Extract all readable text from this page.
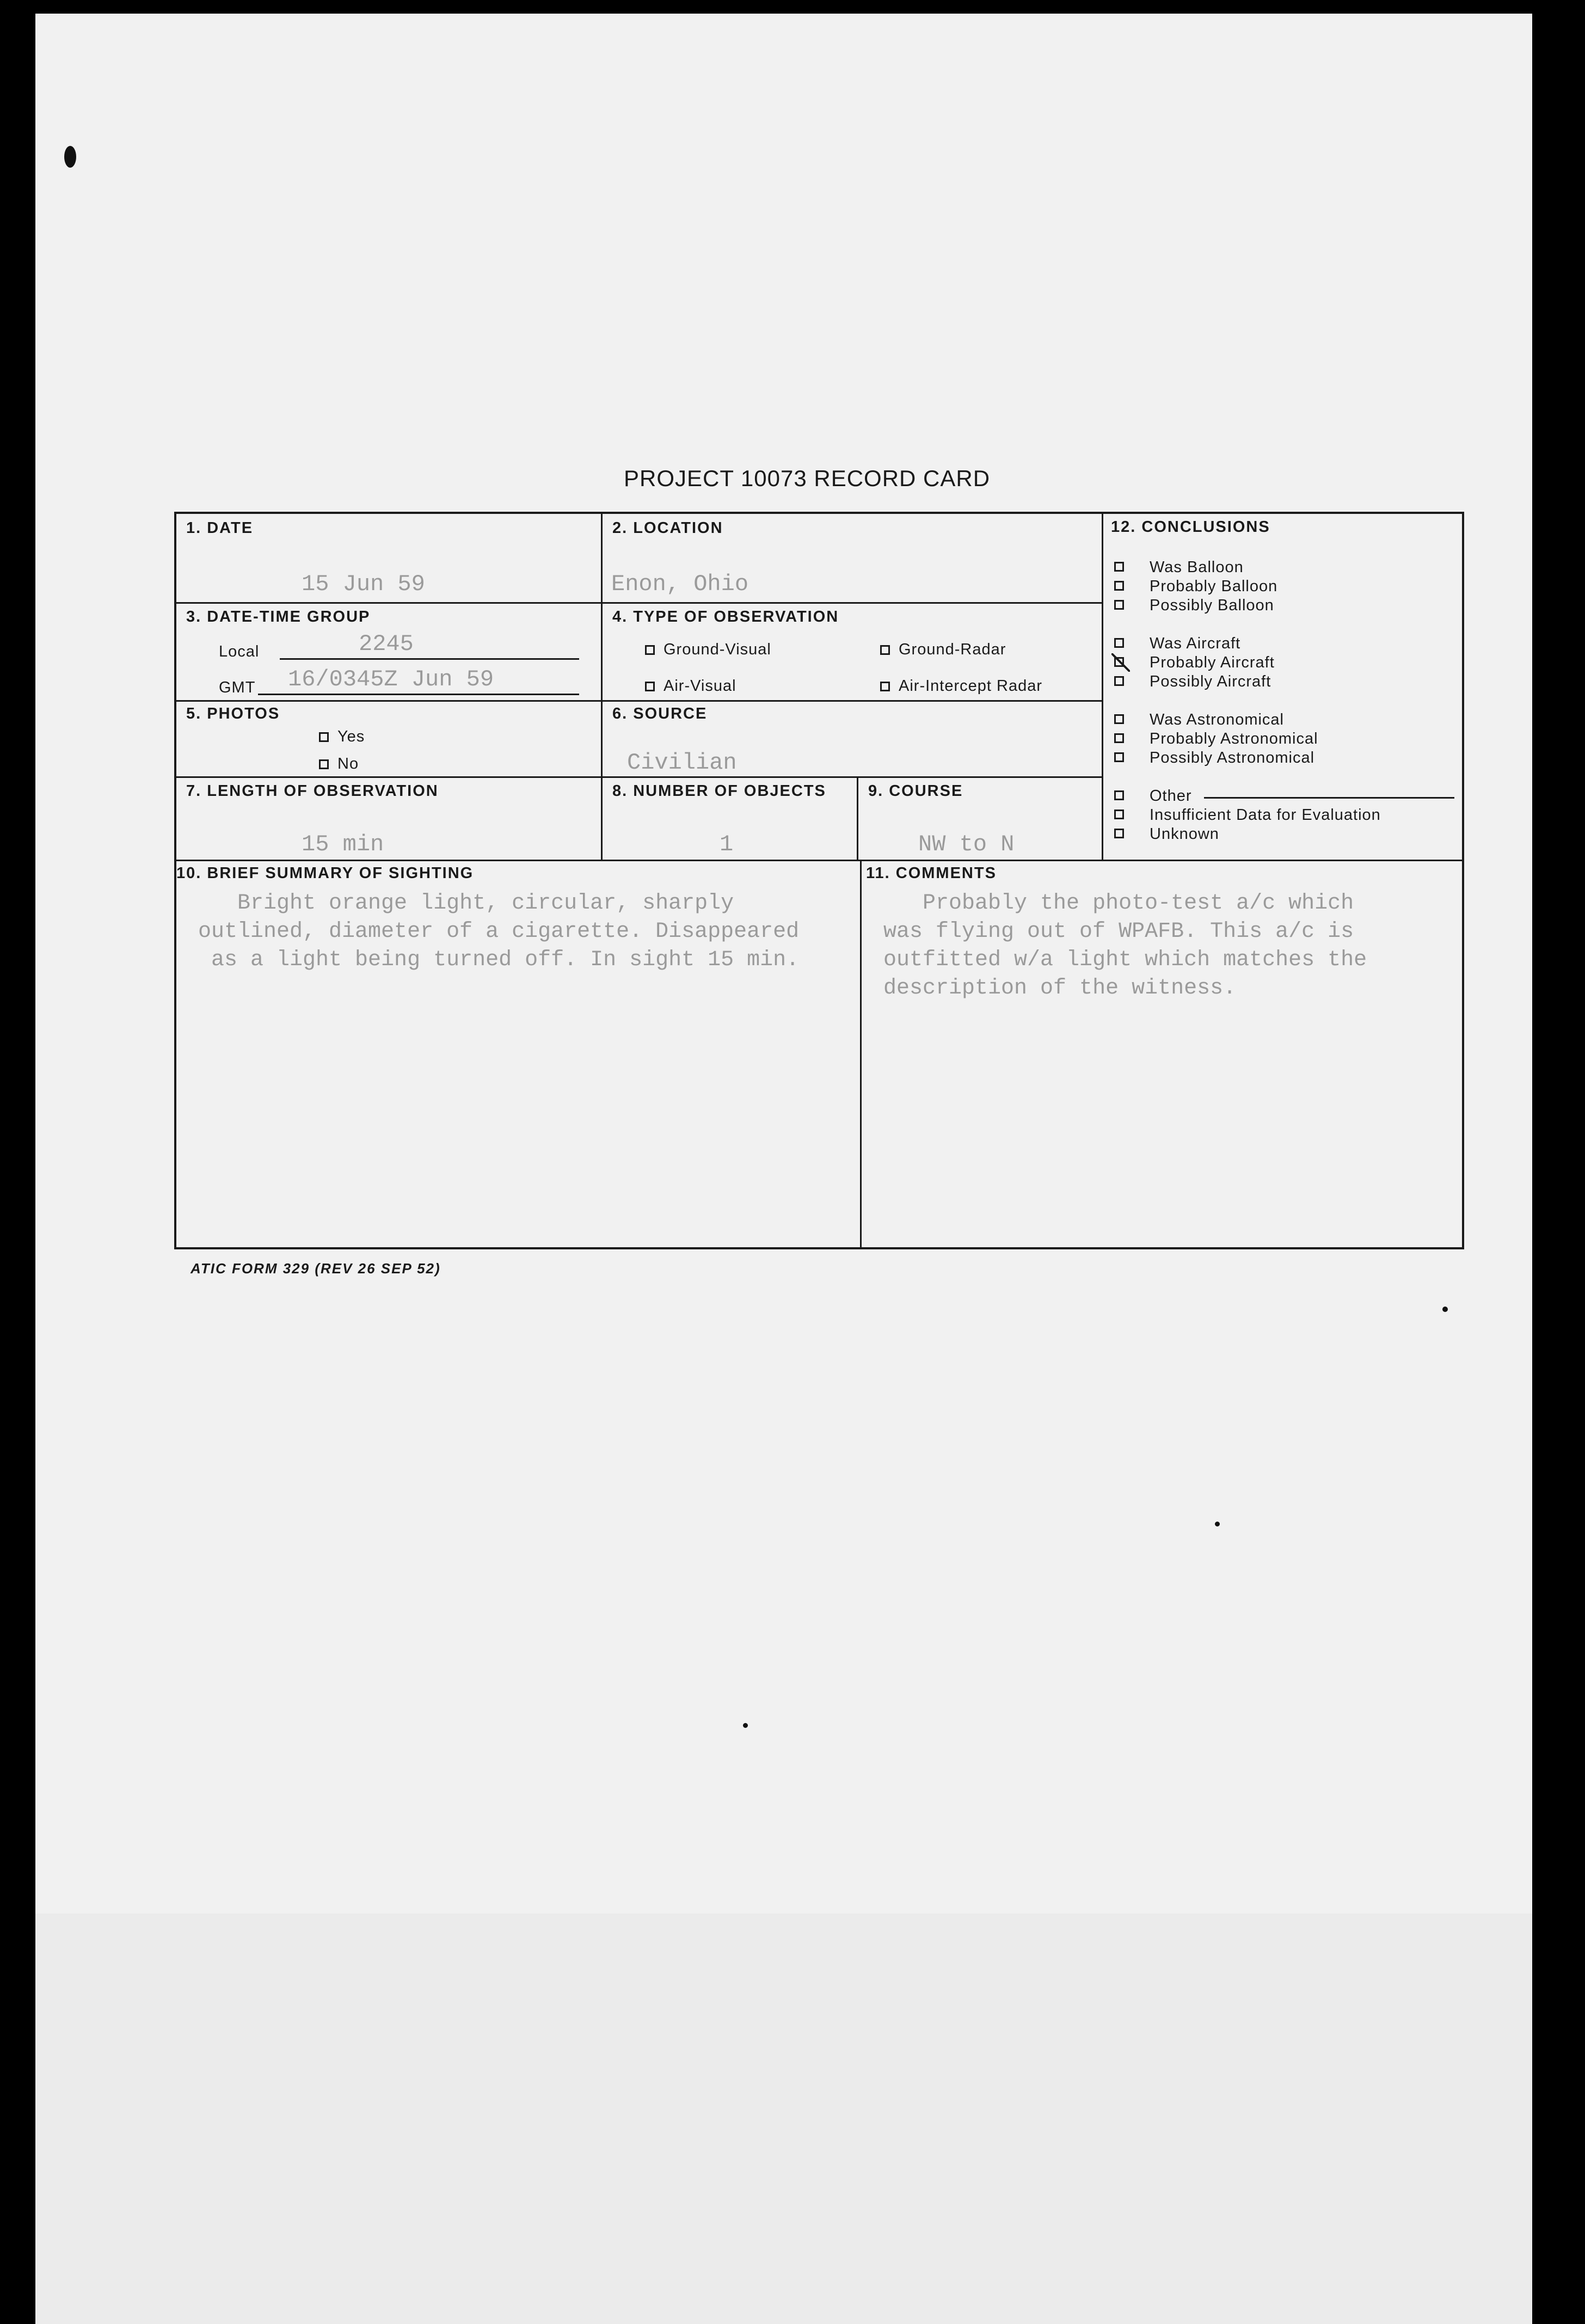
PROJECT 10073 RECORD CARD
1. DATE
15 Jun 59
2. LOCATION
Enon, Ohio
3. DATE-TIME GROUP
Local	2245
GMT 16/0345Z Jun 59
4. TYPE OF OBSERVATION
Ground-Visual	Ground-Radar
Air-Visual	Air-Intercept Radar
5. PHOTOS
Yes
No
6. SOURCE
Civilian
7. LENGTH OF OBSERVATION
15 min
8. NUMBER OF OBJECTS
1
9. COURSE
NW to N
12. CONCLUSIONS
Was Balloon
Probably Balloon
Possibly Balloon
Was Aircraft
Probably Aircraft
Possibly Aircraft
Was Astronomical
Probably Astronomical
Possibly Astronomical
Other
Insufficient Data for Evaluation
Unknown
10. BRIEF SUMMARY OF SIGHTING
Bright orange light, circular, sharply
outlined, diameter of a cigarette. Disappeared
as a light being turned off. In sight 15 min.
11. COMMENTS
Probably the photo-test a/c which
was flying out of WPAFB. This a/c is
outfitted w/a light which matches the
description of the witness.
ATIC FORM 329 (REV 26 SEP 52)
